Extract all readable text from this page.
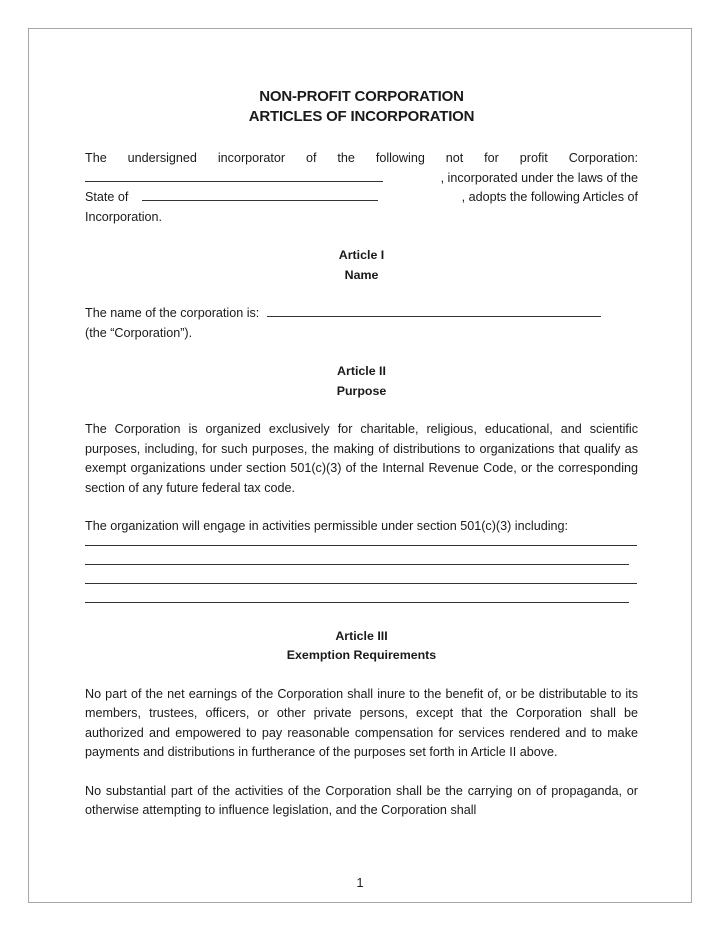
NON-PROFIT CORPORATION
ARTICLES OF INCORPORATION

The undersigned incorporator of the following not for profit Corporation:

, incorporated under the laws of the
State of	, adopts the following Articles of

Incorporation.

Article I
Name
The name of the corporation is:

(the “Corporation”).

Article II
Purpose

The Corporation is organized exclusively for charitable, religious, educational, and scientific purposes, including, for such purposes, the making of distributions to organizations that qualify as exempt organizations under section 501(c)(3) of the Internal Revenue Code, or the corresponding section of any future federal tax code.

The organization will engage in activities permissible under section 501(c)(3) including:

Article III
Exemption Requirements

No part of the net earnings of the Corporation shall inure to the benefit of, or be distributable to its members, trustees, officers, or other private persons, except that the Corporation shall be authorized and empowered to pay reasonable compensation for services rendered and to make payments and distributions in furtherance of the purposes set forth in Article II above.

No substantial part of the activities of the Corporation shall be the carrying on of propaganda, or otherwise attempting to influence legislation, and the Corporation shall

1
